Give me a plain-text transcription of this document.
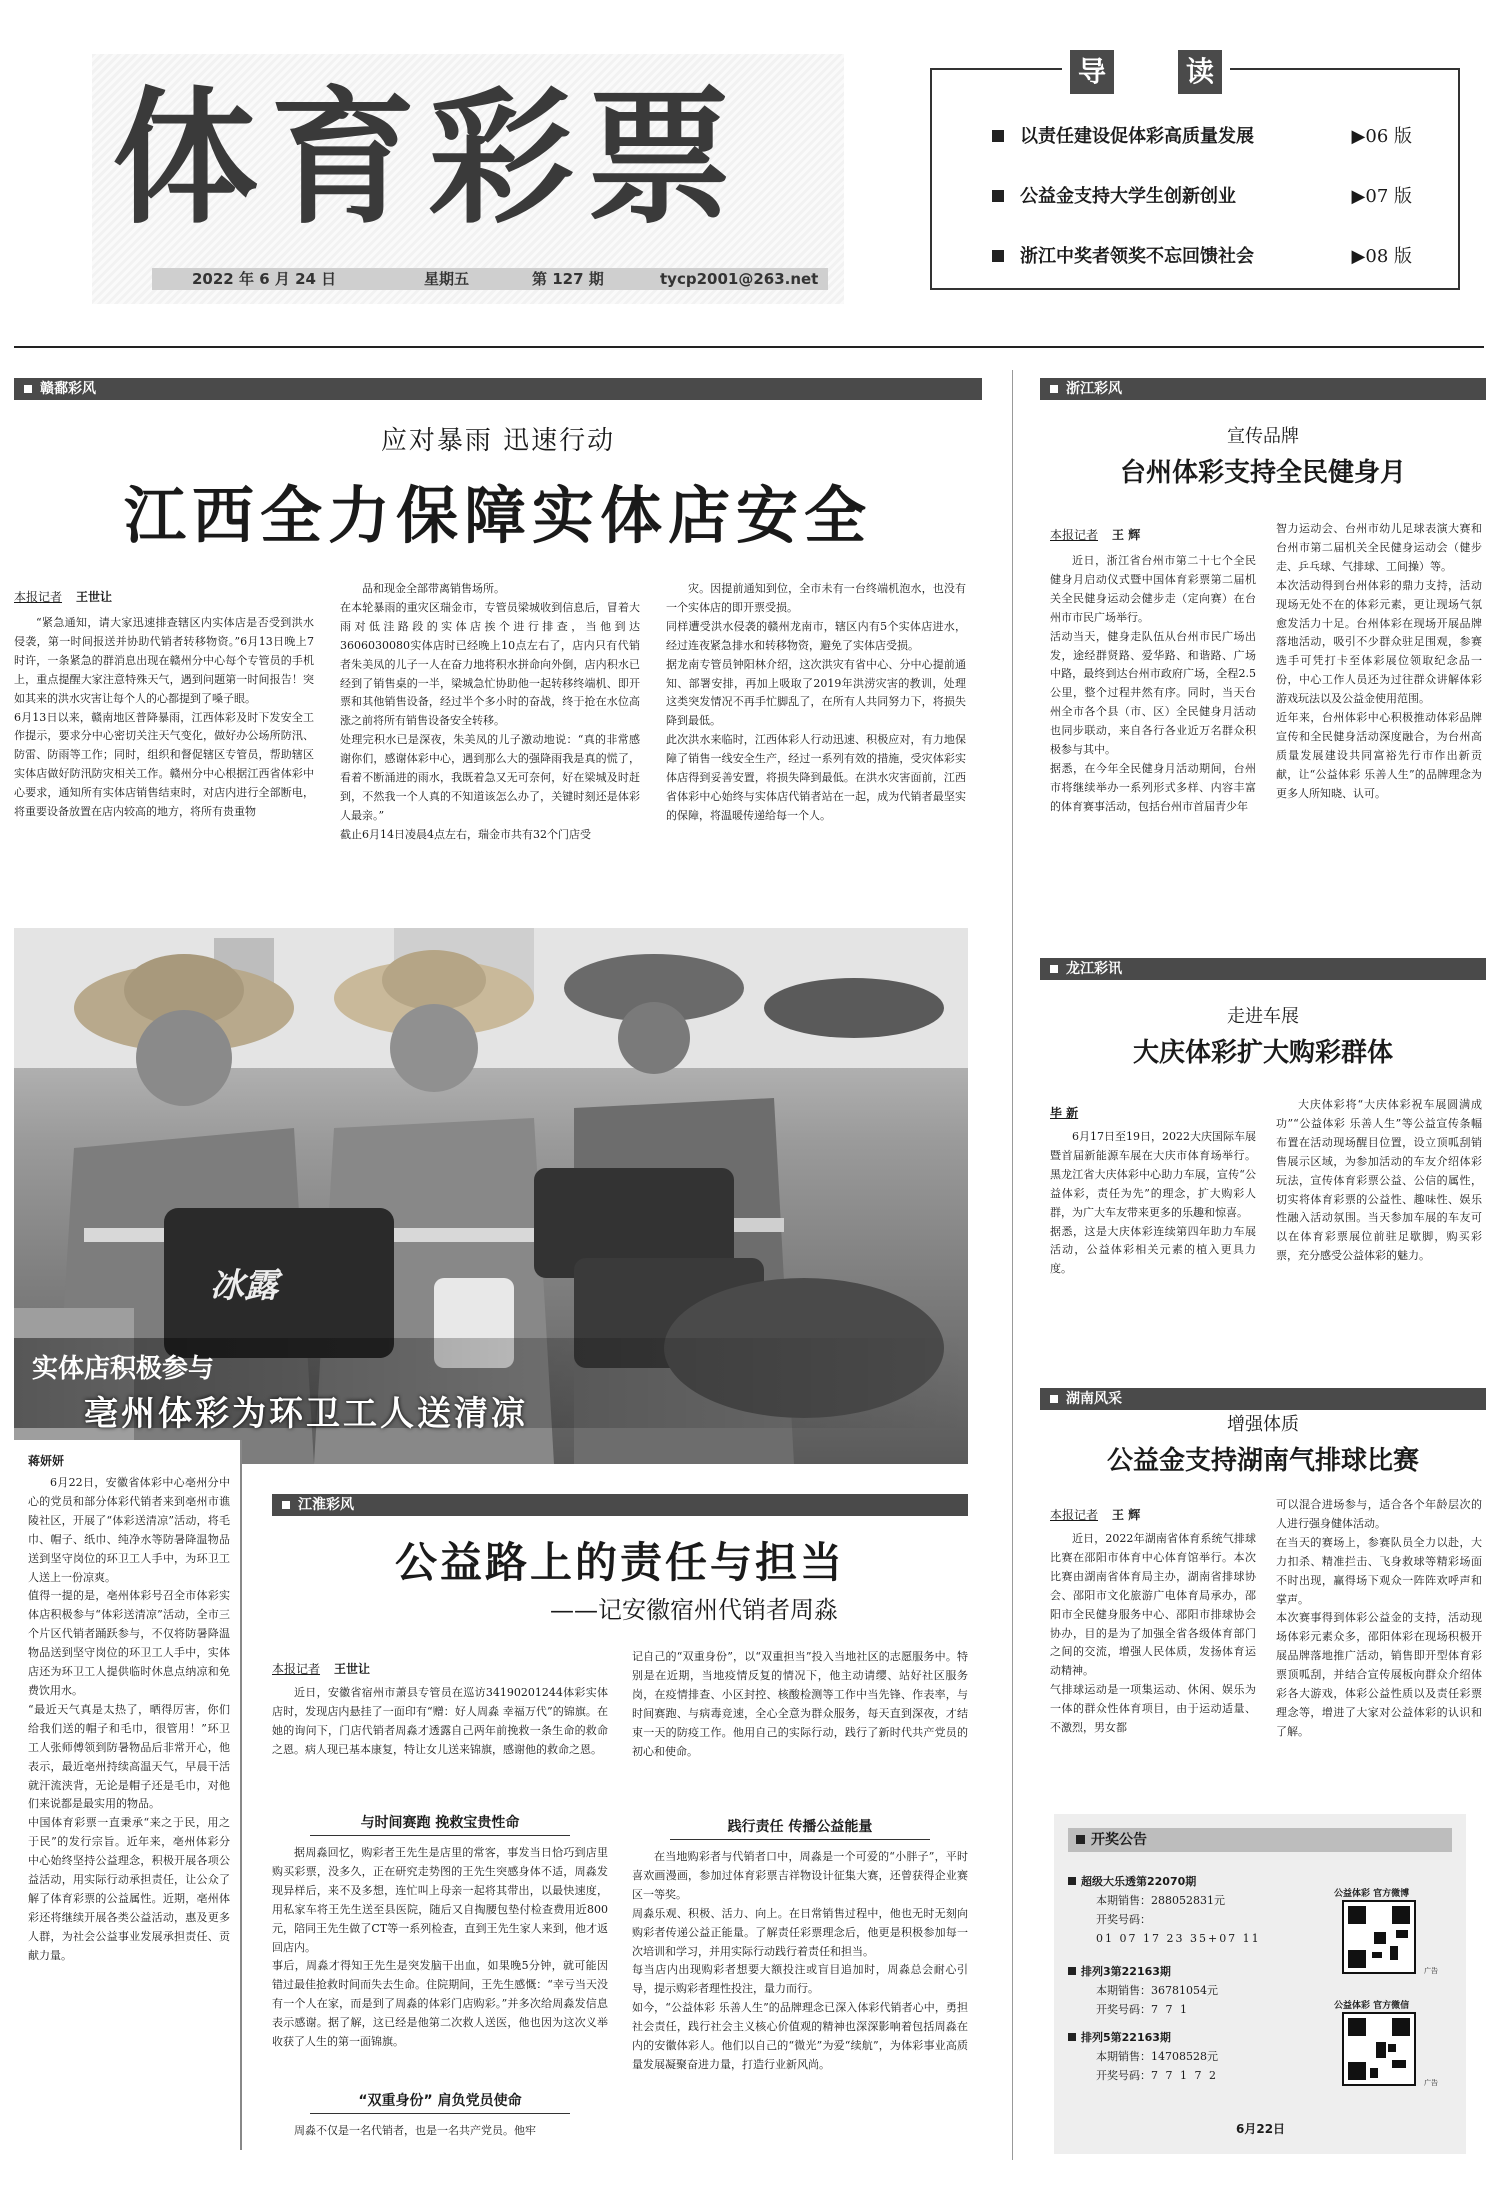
体育彩票
2022 年 6 月 24 日	星期五	第 127 期	tycp2001@263.net
导	读
以责任建设促体彩高质量发展	▶06 版
公益金支持大学生创新创业	▶07 版
浙江中奖者领奖不忘回馈社会	▶08 版
赣鄱彩风
应对暴雨 迅速行动
江西全力保障实体店安全
本报记者 王世让
“紧急通知，请大家迅速排查辖区内实体店是否受到洪水侵袭，第一时间报送并协助代销者转移物资。”6月13日晚上7时许，一条紧急的群消息出现在赣州分中心每个专管员的手机上，重点提醒大家注意特殊天气，遇到问题第一时间报告！突如其来的洪水灾害让每个人的心都提到了嗓子眼。
6月13日以来，赣南地区普降暴雨，江西体彩及时下发安全工作提示，要求分中心密切关注天气变化，做好办公场所防汛、防雷、防雨等工作；同时，组织和督促辖区专管员，帮助辖区实体店做好防汛防灾相关工作。赣州分中心根据江西省体彩中心要求，通知所有实体店销售结束时，对店内进行全部断电，将重要设备放置在店内较高的地方，将所有贵重物
品和现金全部带离销售场所。
在本轮暴雨的重灾区瑞金市，专管员梁城收到信息后，冒着大雨对低洼路段的实体店挨个进行排查，当他到达3606030080实体店时已经晚上10点左右了，店内只有代销者朱美凤的儿子一人在奋力地将积水拼命向外倒，店内积水已经到了销售桌的一半，梁城急忙协助他一起转移终端机、即开票和其他销售设备，经过半个多小时的奋战，终于抢在水位高涨之前将所有销售设备安全转移。
处理完积水已是深夜，朱美凤的儿子激动地说：“真的非常感谢你们，感谢体彩中心，遇到那么大的强降雨我是真的慌了，看着不断涌进的雨水，我既着急又无可奈何，好在梁城及时赶到，不然我一个人真的不知道该怎么办了，关键时刻还是体彩人最亲。”
截止6月14日凌晨4点左右，瑞金市共有32个门店受
灾。因提前通知到位，全市未有一台终端机泡水，也没有一个实体店的即开票受损。
同样遭受洪水侵袭的赣州龙南市，辖区内有5个实体店进水，经过连夜紧急排水和转移物资，避免了实体店受损。
据龙南专管员钟阳林介绍，这次洪灾有省中心、分中心提前通知、部署安排，再加上吸取了2019年洪涝灾害的教训，处理这类突发情况不再手忙脚乱了，在所有人共同努力下，将损失降到最低。
此次洪水来临时，江西体彩人行动迅速、积极应对，有力地保障了销售一线安全生产，经过一系列有效的措施，受灾体彩实体店得到妥善安置，将损失降到最低。在洪水灾害面前，江西省体彩中心始终与实体店代销者站在一起，成为代销者最坚实的保障，将温暖传递给每一个人。
冰露
实体店积极参与
亳州体彩为环卫工人送清凉
蒋妍妍
6月22日，安徽省体彩中心亳州分中心的党员和部分体彩代销者来到亳州市谯陵社区，开展了“体彩送清凉”活动，将毛巾、帽子、纸巾、纯净水等防暑降温物品送到坚守岗位的环卫工人手中，为环卫工人送上一份凉爽。
值得一提的是，亳州体彩号召全市体彩实体店积极参与“体彩送清凉”活动，全市三个片区代销者踊跃参与，不仅将防暑降温物品送到坚守岗位的环卫工人手中，实体店还为环卫工人提供临时休息点纳凉和免费饮用水。
“最近天气真是太热了，晒得厉害，你们给我们送的帽子和毛巾，很管用！”环卫工人张师傅领到防暑物品后非常开心，他表示，最近亳州持续高温天气，早晨干活就汗流浃背，无论是帽子还是毛巾，对他们来说都是最实用的物品。
中国体育彩票一直秉承“来之于民，用之于民”的发行宗旨。近年来，亳州体彩分中心始终坚持公益理念，积极开展各项公益活动，用实际行动承担责任，让公众了解了体育彩票的公益属性。近期，亳州体彩还将继续开展各类公益活动，惠及更多人群，为社会公益事业发展承担责任、贡献力量。
江淮彩风
公益路上的责任与担当
——记安徽宿州代销者周淼
本报记者 王世让
近日，安徽省宿州市萧县专管员在巡访34190201244体彩实体店时，发现店内悬挂了一面印有“赠：好人周淼 幸福万代”的锦旗。在她的询问下，门店代销者周淼才透露自己两年前挽救一条生命的救命之恩。病人现已基本康复，特让女儿送来锦旗，感谢他的救命之恩。
与时间赛跑 挽救宝贵性命
据周淼回忆，购彩者王先生是店里的常客，事发当日恰巧到店里购买彩票，没多久，正在研究走势图的王先生突感身体不适，周淼发现异样后，来不及多想，连忙叫上母亲一起将其带出，以最快速度，用私家车将王先生送至县医院，随后又自掏腰包垫付检查费用近800元，陪同王先生做了CT等一系列检查，直到王先生家人来到，他才返回店内。
事后，周淼才得知王先生是突发脑干出血，如果晚5分钟，就可能因错过最佳抢救时间而失去生命。住院期间，王先生感慨：“幸亏当天没有一个人在家，而是到了周淼的体彩门店购彩。”并多次给周淼发信息表示感谢。据了解，这已经是他第二次救人送医，他也因为这次义举收获了人生的第一面锦旗。
“双重身份” 肩负党员使命
周淼不仅是一名代销者，也是一名共产党员。他牢
记自己的“双重身份”，以“双重担当”投入当地社区的志愿服务中。特别是在近期，当地疫情反复的情况下，他主动请缨、站好社区服务岗，在疫情排查、小区封控、核酸检测等工作中当先锋、作表率，与时间赛跑、与病毒竞速，全心全意为群众服务，每天直到深夜，才结束一天的防疫工作。他用自己的实际行动，践行了新时代共产党员的初心和使命。
践行责任 传播公益能量
在当地购彩者与代销者口中，周淼是一个可爱的“小胖子”，平时喜欢画漫画，参加过体育彩票吉祥物设计征集大赛，还曾获得企业赛区一等奖。
周淼乐观、积极、活力、向上。在日常销售过程中，他也无时无刻向购彩者传递公益正能量。了解责任彩票理念后，他更是积极参加每一次培训和学习，并用实际行动践行着责任和担当。
每当店内出现购彩者想要大额投注或盲目追加时，周淼总会耐心引导，提示购彩者理性投注，量力而行。
如今，“公益体彩 乐善人生”的品牌理念已深入体彩代销者心中，勇担社会责任，践行社会主义核心价值观的精神也深深影响着包括周淼在内的安徽体彩人。他们以自己的“微光”为爱“续航”，为体彩事业高质量发展凝聚奋进力量，打造行业新风尚。
浙江彩风
宣传品牌
台州体彩支持全民健身月
本报记者 王 辉
近日，浙江省台州市第二十七个全民健身月启动仪式暨中国体育彩票第二届机关全民健身运动会健步走（定向赛）在台州市市民广场举行。
活动当天，健身走队伍从台州市民广场出发，途经群贤路、爱华路、和谐路、广场中路，最终到达台州市政府广场，全程2.5公里，整个过程井然有序。同时，当天台州全市各个县（市、区）全民健身月活动也同步联动，来自各行各业近万名群众积极参与其中。
据悉，在今年全民健身月活动期间，台州市将继续举办一系列形式多样、内容丰富的体育赛事活动，包括台州市首届青少年
智力运动会、台州市幼儿足球表演大赛和台州市第二届机关全民健身运动会（健步走、乒乓球、气排球、工间操）等。
本次活动得到台州体彩的鼎力支持，活动现场无处不在的体彩元素，更让现场气氛愈发活力十足。台州体彩在现场开展品牌落地活动，吸引不少群众驻足围观，参赛选手可凭打卡至体彩展位领取纪念品一份，中心工作人员还为过往群众讲解体彩游戏玩法以及公益金使用范围。
近年来，台州体彩中心积极推动体彩品牌宣传和全民健身活动深度融合，为台州高质量发展建设共同富裕先行市作出新贡献，让“公益体彩 乐善人生”的品牌理念为更多人所知晓、认可。
龙江彩讯
走进车展
大庆体彩扩大购彩群体
毕 新
6月17日至19日，2022大庆国际车展暨首届新能源车展在大庆市体育场举行。黑龙江省大庆体彩中心助力车展，宣传“公益体彩，责任为先”的理念，扩大购彩人群，为广大车友带来更多的乐趣和惊喜。
据悉，这是大庆体彩连续第四年助力车展活动，公益体彩相关元素的植入更具力度。
大庆体彩将“大庆体彩祝车展圆满成功”“公益体彩 乐善人生”等公益宣传条幅布置在活动现场醒目位置，设立顶呱刮销售展示区域，为参加活动的车友介绍体彩玩法，宣传体育彩票公益、公信的属性，切实将体育彩票的公益性、趣味性、娱乐性融入活动氛围。当天参加车展的车友可以在体育彩票展位前驻足歇脚，购买彩票，充分感受公益体彩的魅力。
湖南风采
增强体质
公益金支持湖南气排球比赛
本报记者 王 辉
近日，2022年湖南省体育系统气排球比赛在邵阳市体育中心体育馆举行。本次比赛由湖南省体育局主办，湖南省排球协会、邵阳市文化旅游广电体育局承办，邵阳市全民健身服务中心、邵阳市排球协会协办，目的是为了加强全省各级体育部门之间的交流，增强人民体质，发扬体育运动精神。
气排球运动是一项集运动、休闲、娱乐为一体的群众性体育项目，由于运动适量、不激烈，男女都
可以混合进场参与，适合各个年龄层次的人进行强身健体活动。
在当天的赛场上，参赛队员全力以赴，大力扣杀、精准拦击、飞身救球等精彩场面不时出现，赢得场下观众一阵阵欢呼声和掌声。
本次赛事得到体彩公益金的支持，活动现场体彩元素众多，邵阳体彩在现场积极开展品牌落地推广活动，销售即开型体育彩票顶呱刮，并结合宣传展板向群众介绍体彩各大游戏，体彩公益性质以及责任彩票理念等，增进了大家对公益体彩的认识和了解。
开奖公告
超级大乐透第22070期
本期销售：288052831元
开奖号码：
01 07 17 23 35+07 11
排列3第22163期
本期销售：36781054元
开奖号码：7 7 1
排列5第22163期
本期销售：14708528元
开奖号码：7 7 1 7 2
6月22日
公益体彩 官方微博
广告
公益体彩 官方微信
广告
